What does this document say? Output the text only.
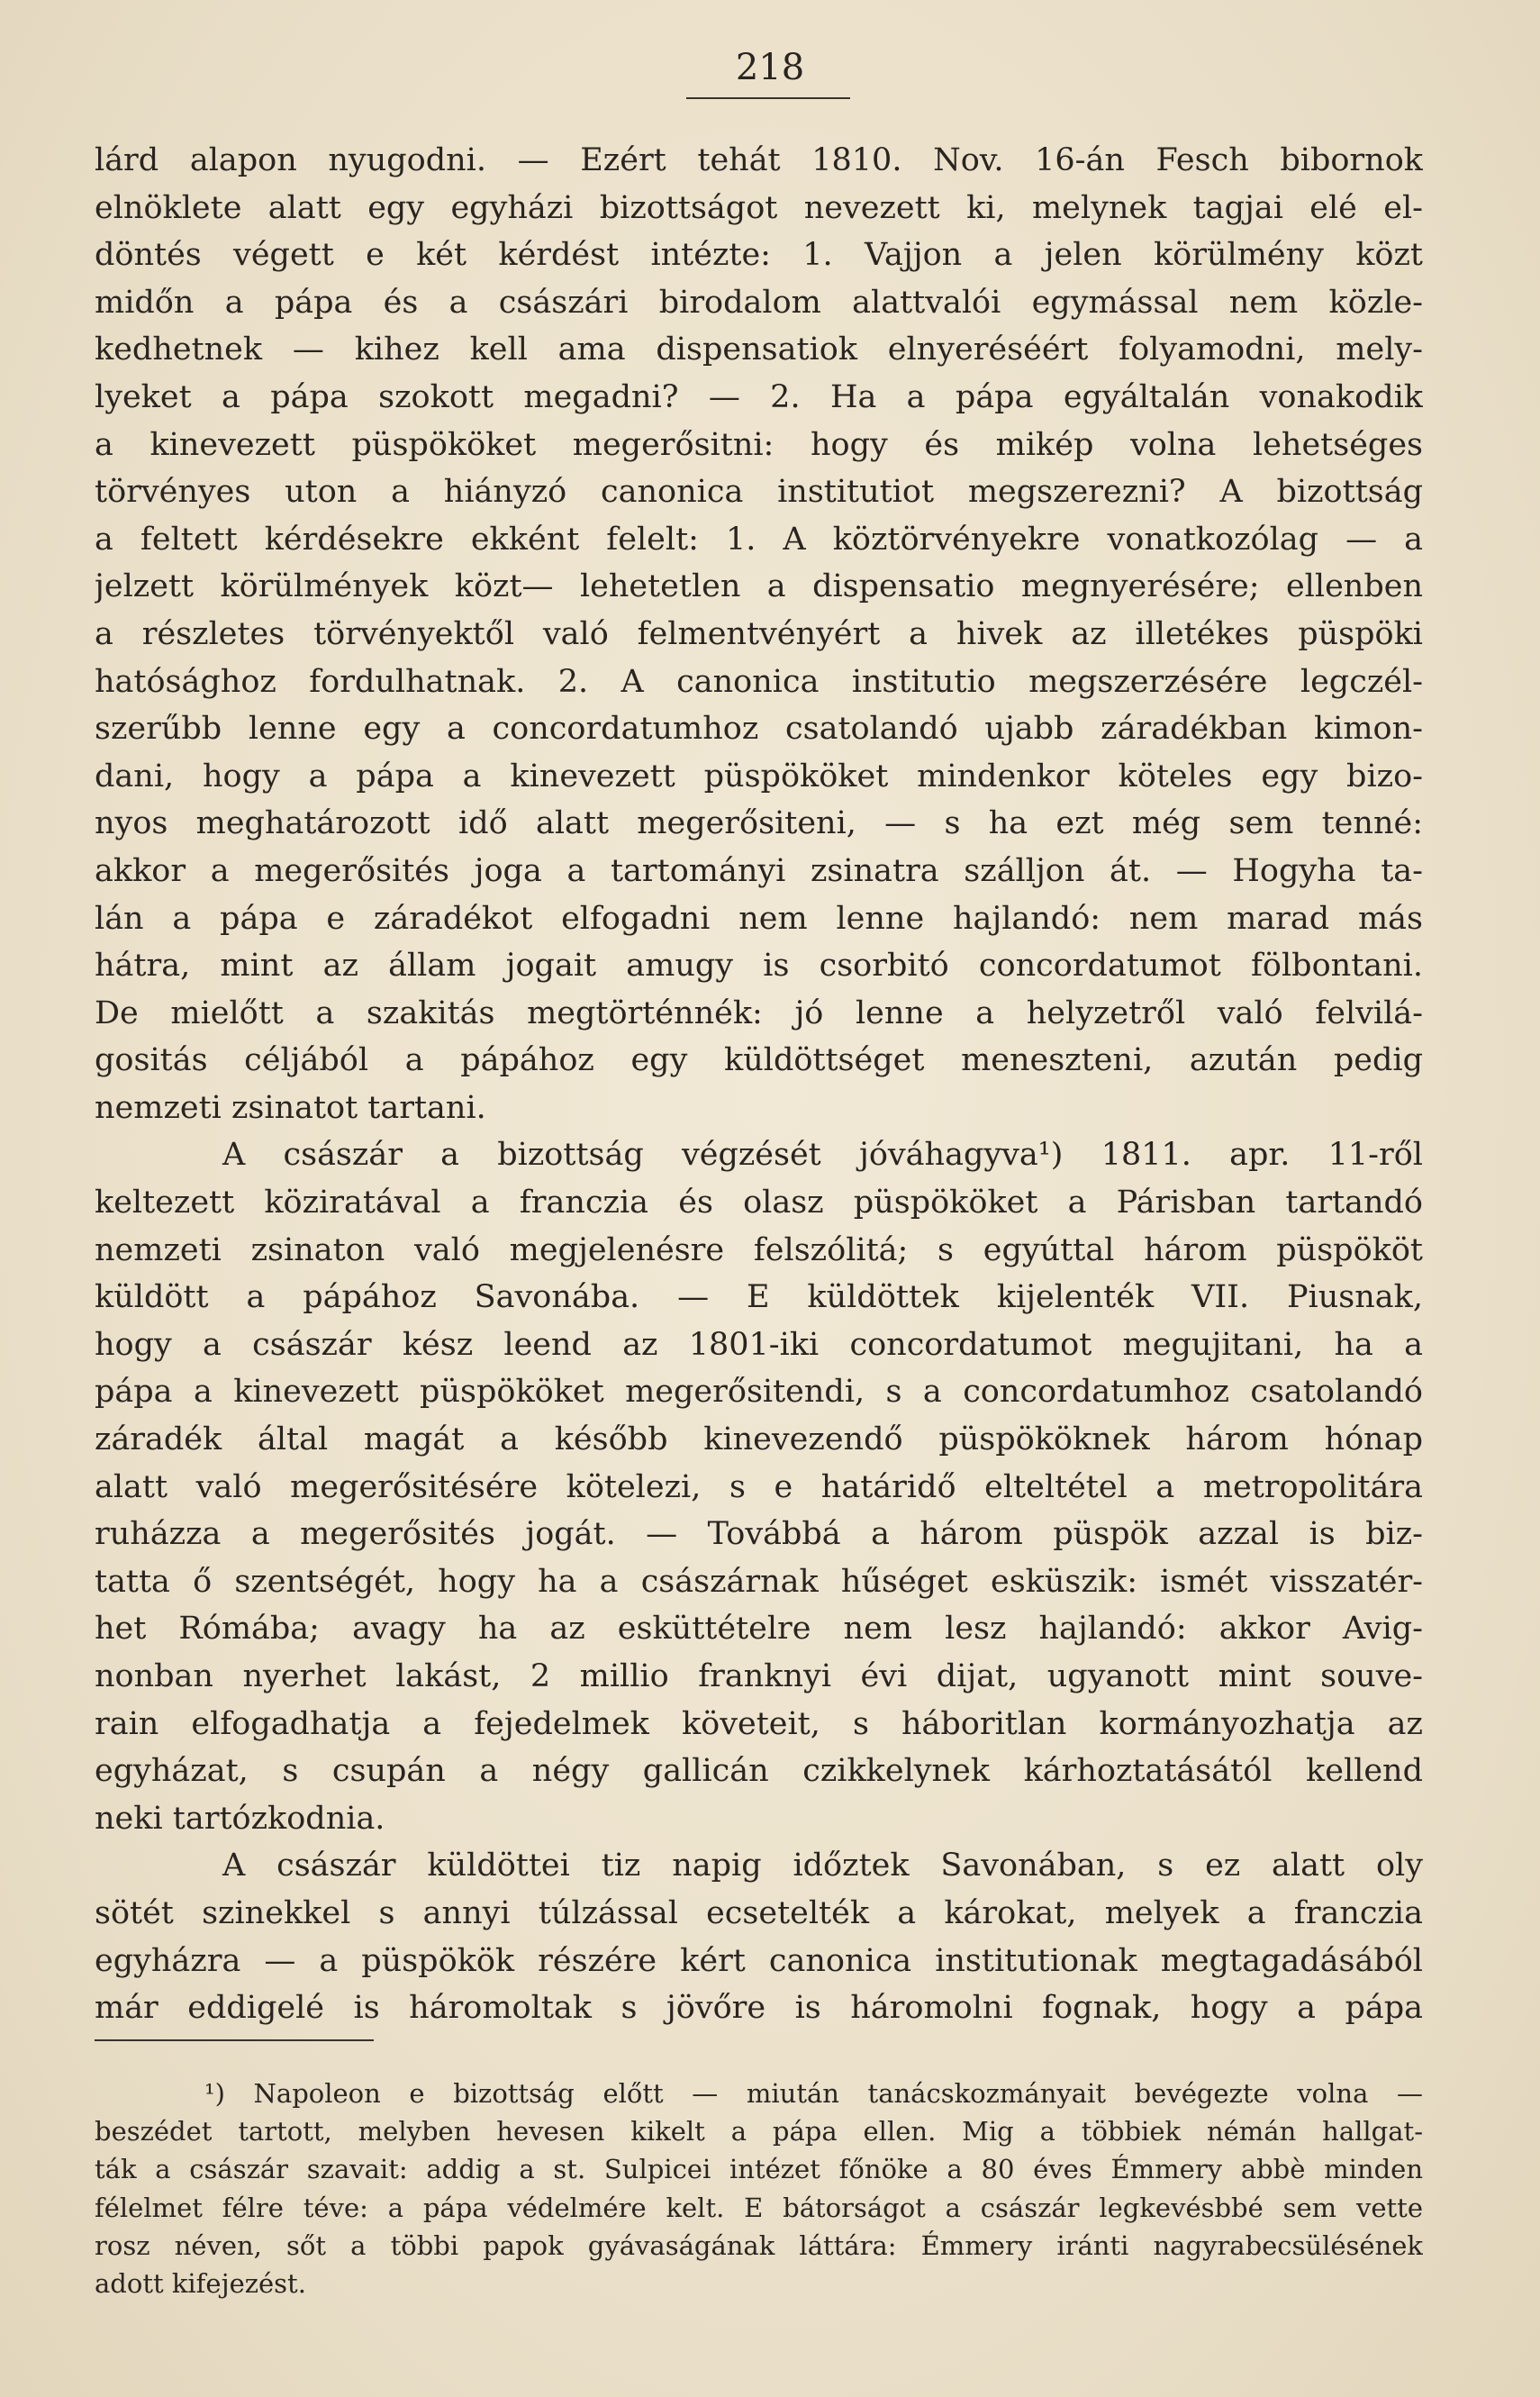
218
lárd alapon nyugodni. — Ezért tehát 1810. Nov. 16-án Fesch bibornok
elnöklete alatt egy egyházi bizottságot nevezett ki, melynek tagjai elé el-
döntés végett e két kérdést intézte: 1. Vajjon a jelen körülmény közt
midőn a pápa és a császári birodalom alattvalói egymással nem közle-
kedhetnek — kihez kell ama dispensatiok elnyeréséért folyamodni, mely-
lyeket a pápa szokott megadni? — 2. Ha a pápa egyáltalán vonakodik
a kinevezett püspököket megerősitni: hogy és mikép volna lehetséges
törvényes uton a hiányzó canonica institutiot megszerezni? A bizottság
a feltett kérdésekre ekként felelt: 1. A köztörvényekre vonatkozólag — a
jelzett körülmények közt— lehetetlen a dispensatio megnyerésére; ellenben
a részletes törvényektől való felmentvényért a hivek az illetékes püspöki
hatósághoz fordulhatnak. 2. A canonica institutio megszerzésére legczél-
szerűbb lenne egy a concordatumhoz csatolandó ujabb záradékban kimon-
dani, hogy a pápa a kinevezett püspököket mindenkor köteles egy bizo-
nyos meghatározott idő alatt megerősiteni, — s ha ezt még sem tenné:
akkor a megerősités joga a tartományi zsinatra szálljon át. — Hogyha ta-
lán a pápa e záradékot elfogadni nem lenne hajlandó: nem marad más
hátra, mint az állam jogait amugy is csorbitó concordatumot fölbontani.
De mielőtt a szakitás megtörténnék: jó lenne a helyzetről való felvilá-
gositás céljából a pápához egy küldöttséget meneszteni, azután pedig
nemzeti zsinatot tartani.
A császár a bizottság végzését jóváhagyva¹) 1811. apr. 11-ről
keltezett köziratával a franczia és olasz püspököket a Párisban tartandó
nemzeti zsinaton való megjelenésre felszólitá; s egyúttal három püspököt
küldött a pápához Savonába. — E küldöttek kijelenték VII. Piusnak,
hogy a császár kész leend az 1801-iki concordatumot megujitani, ha a
pápa a kinevezett püspököket megerősitendi, s a concordatumhoz csatolandó
záradék által magát a később kinevezendő püspököknek három hónap
alatt való megerősitésére kötelezi, s e határidő elteltétel a metropolitára
ruházza a megerősités jogát. — Továbbá a három püspök azzal is biz-
tatta ő szentségét, hogy ha a császárnak hűséget esküszik: ismét visszatér-
het Rómába; avagy ha az esküttételre nem lesz hajlandó: akkor Avig-
nonban nyerhet lakást, 2 millio franknyi évi dijat, ugyanott mint souve-
rain elfogadhatja a fejedelmek követeit, s háboritlan kormányozhatja az
egyházat, s csupán a négy gallicán czikkelynek kárhoztatásától kellend
neki tartózkodnia.
A császár küldöttei tiz napig időztek Savonában, s ez alatt oly
sötét szinekkel s annyi túlzással ecsetelték a károkat, melyek a franczia
egyházra — a püspökök részére kért canonica institutionak megtagadásából
már eddigelé is háromoltak s jövőre is háromolni fognak, hogy a pápa
¹) Napoleon e bizottság előtt — miután tanácskozmányait bevégezte volna —
beszédet tartott, melyben hevesen kikelt a pápa ellen. Mig a többiek némán hallgat-
ták a császár szavait: addig a st. Sulpicei intézet főnöke a 80 éves Émmery abbè minden
félelmet félre téve: a pápa védelmére kelt. E bátorságot a császár legkevésbbé sem vette
rosz néven, sőt a többi papok gyávaságának láttára: Émmery iránti nagyrabecsülésének
adott kifejezést.
